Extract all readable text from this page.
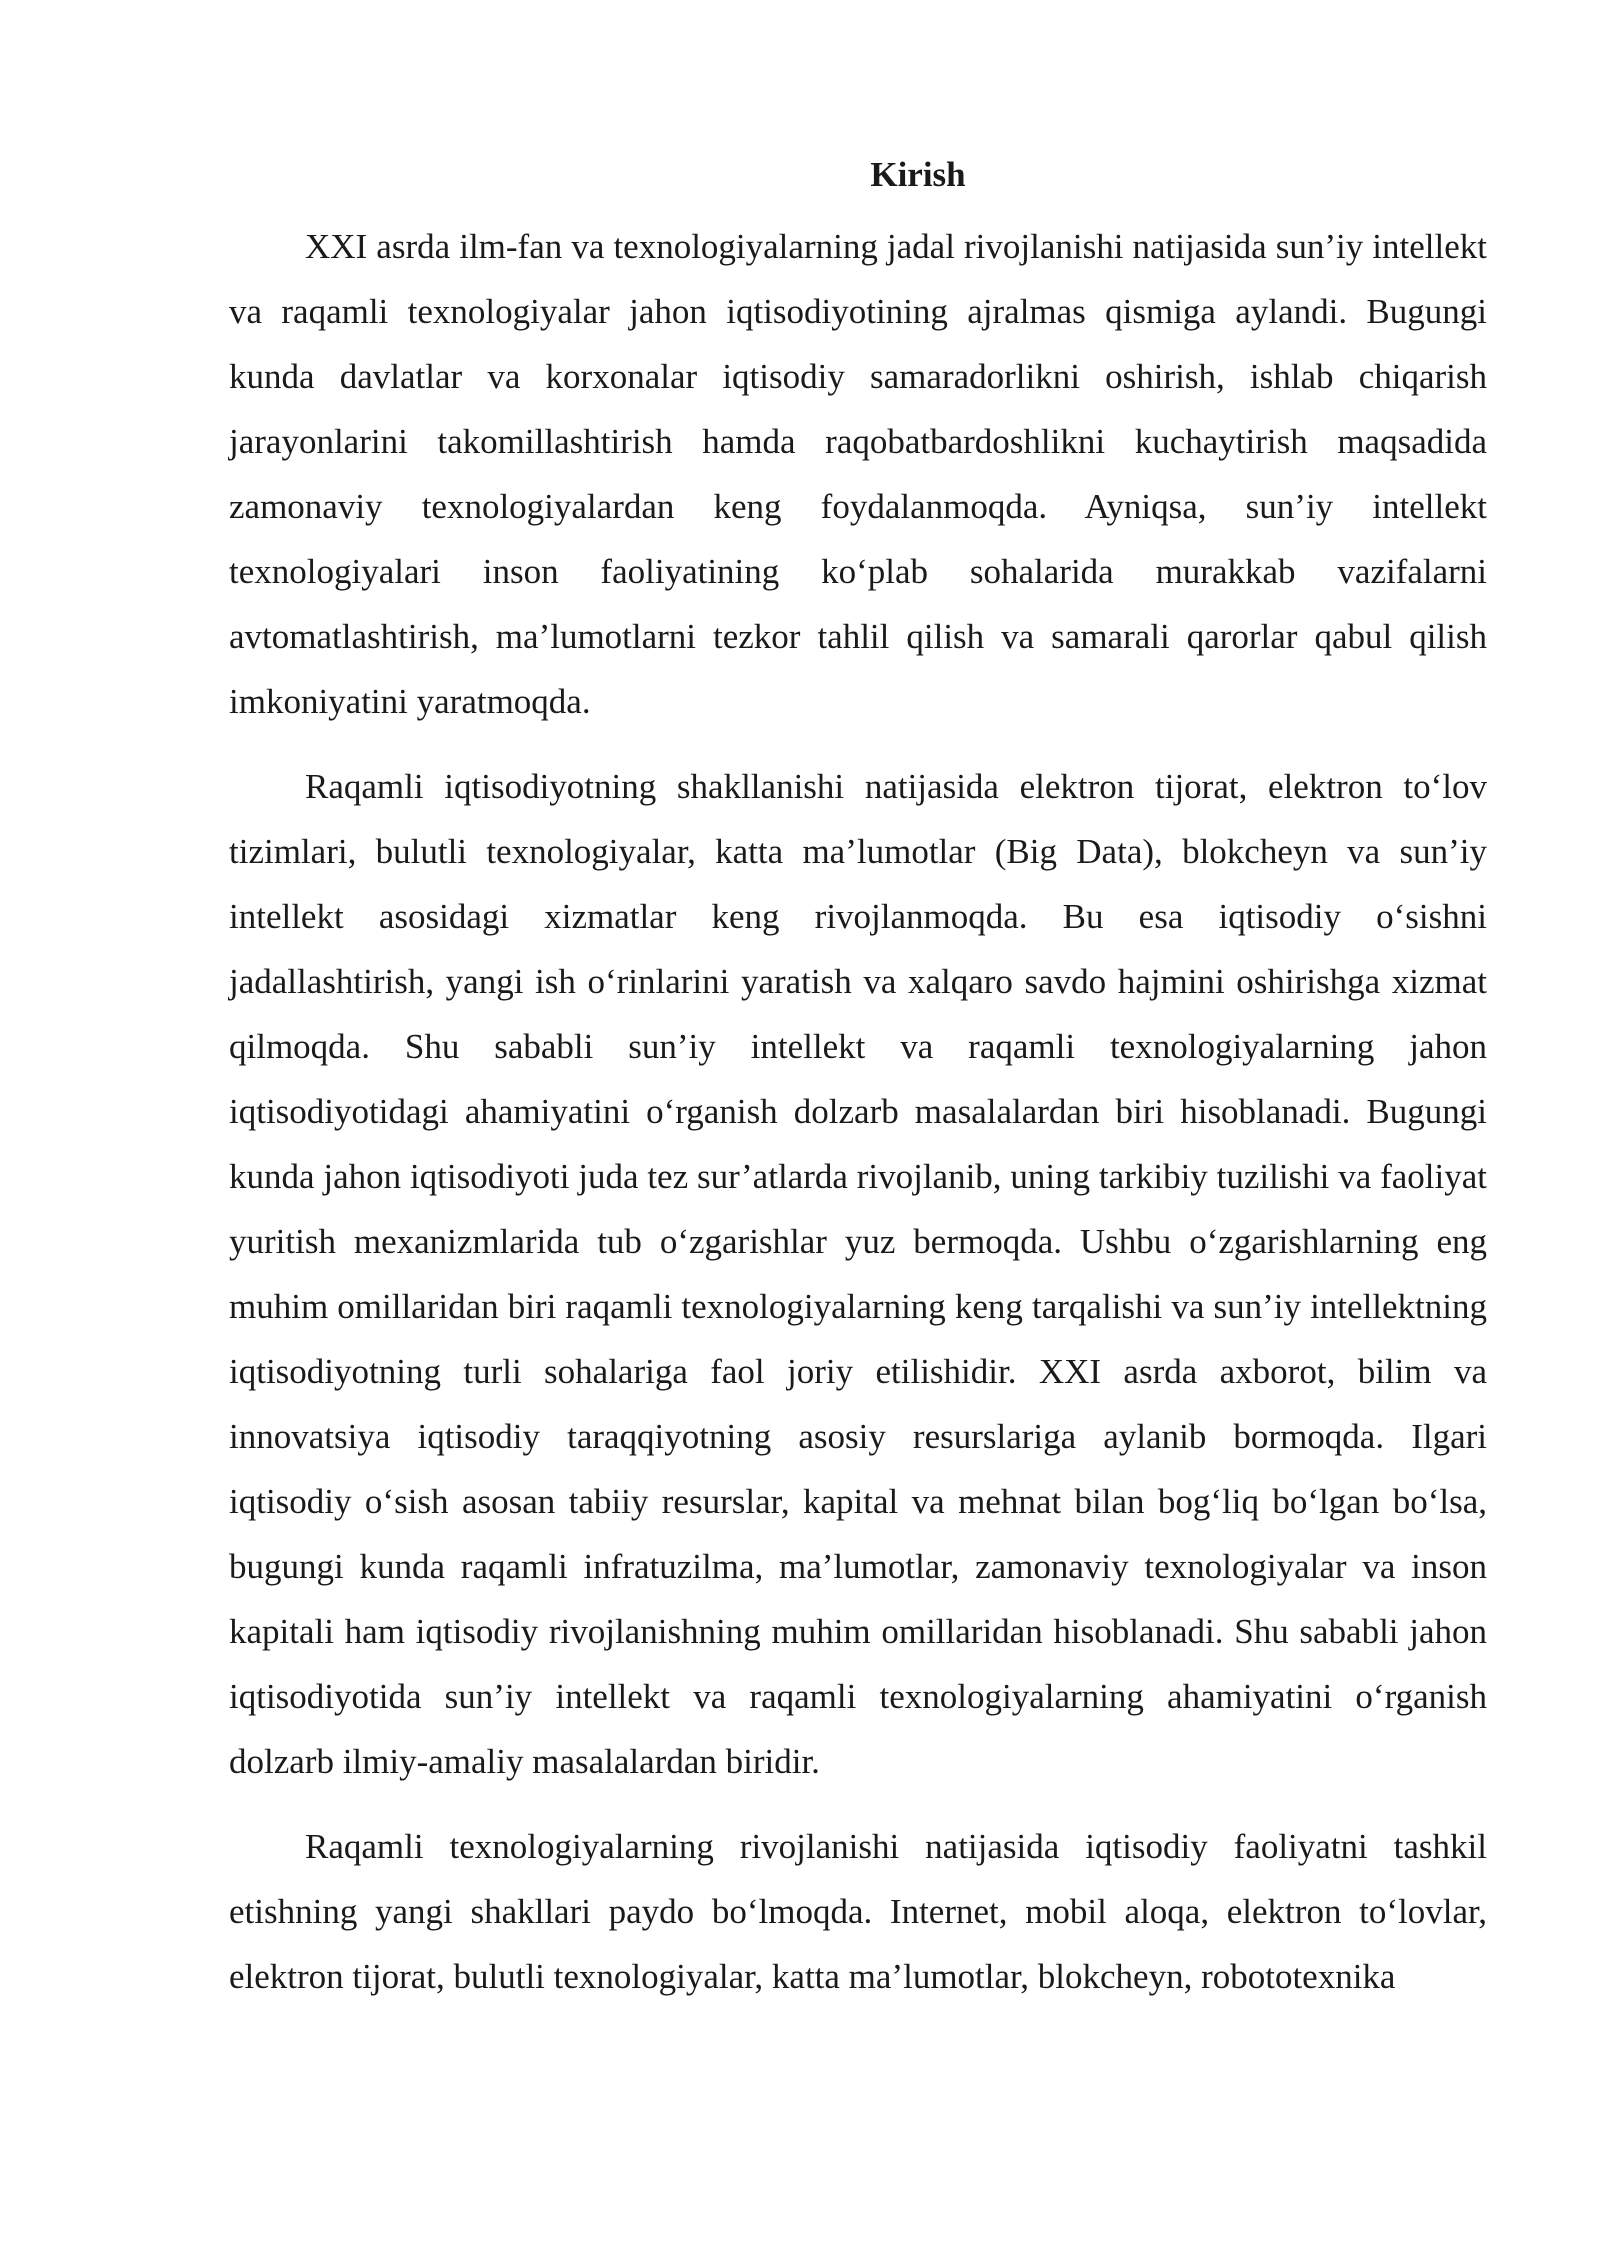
Kirish

XXI asrda ilm-fan va texnologiyalarning jadal rivojlanishi natijasida sun’iy intellekt va raqamli texnologiyalar jahon iqtisodiyotining ajralmas qismiga aylandi. Bugungi kunda davlatlar va korxonalar iqtisodiy samaradorlikni oshirish, ishlab chiqarish jarayonlarini takomillashtirish hamda raqobatbardoshlikni kuchaytirish maqsadida zamonaviy texnologiyalardan keng foydalanmoqda. Ayniqsa, sun’iy intellekt texnologiyalari inson faoliyatining ko‘plab sohalarida murakkab vazifalarni avtomatlashtirish, ma’lumotlarni tezkor tahlil qilish va samarali qarorlar qabul qilish imkoniyatini yaratmoqda.

Raqamli iqtisodiyotning shakllanishi natijasida elektron tijorat, elektron to‘lov tizimlari, bulutli texnologiyalar, katta ma’lumotlar (Big Data), blokcheyn va sun’iy intellekt asosidagi xizmatlar keng rivojlanmoqda. Bu esa iqtisodiy o‘sishni jadallashtirish, yangi ish o‘rinlarini yaratish va xalqaro savdo hajmini oshirishga xizmat qilmoqda. Shu sababli sun’iy intellekt va raqamli texnologiyalarning jahon iqtisodiyotidagi ahamiyatini o‘rganish dolzarb masalalardan biri hisoblanadi. Bugungi kunda jahon iqtisodiyoti juda tez sur’atlarda rivojlanib, uning tarkibiy tuzilishi va faoliyat yuritish mexanizmlarida tub o‘zgarishlar yuz bermoqda. Ushbu o‘zgarishlarning eng muhim omillaridan biri raqamli texnologiyalarning keng tarqalishi va sun’iy intellektning iqtisodiyotning turli sohalariga faol joriy etilishidir. XXI asrda axborot, bilim va innovatsiya iqtisodiy taraqqiyotning asosiy resurslariga aylanib bormoqda. Ilgari iqtisodiy o‘sish asosan tabiiy resurslar, kapital va mehnat bilan bog‘liq bo‘lgan bo‘lsa, bugungi kunda raqamli infratuzilma, ma’lumotlar, zamonaviy texnologiyalar va inson kapitali ham iqtisodiy rivojlanishning muhim omillaridan hisoblanadi. Shu sababli jahon iqtisodiyotida sun’iy intellekt va raqamli texnologiyalarning ahamiyatini o‘rganish dolzarb ilmiy-amaliy masalalardan biridir.

Raqamli texnologiyalarning rivojlanishi natijasida iqtisodiy faoliyatni tashkil etishning yangi shakllari paydo bo‘lmoqda. Internet, mobil aloqa, elektron to‘lovlar, elektron tijorat, bulutli texnologiyalar, katta ma’lumotlar, blokcheyn, robototexnika
